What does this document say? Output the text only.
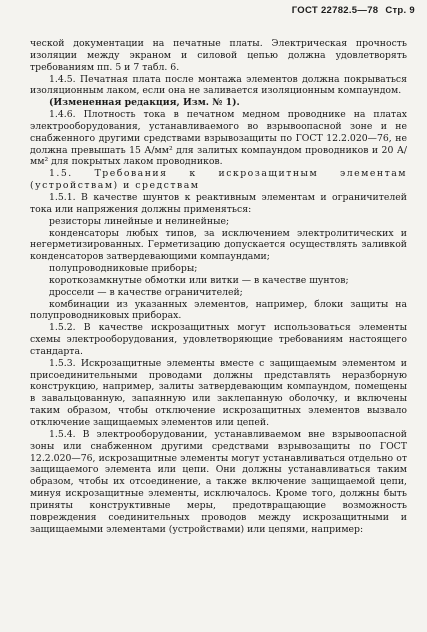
ГОСТ 22782.5—78 Стр. 9

ческой документации на печатные платы. Электрическая прочность изоляции между экраном и силовой цепью должна удовлетворять требованиям пп. 5 и 7 табл. 6.

1.4.5. Печатная плата после монтажа элементов должна покрываться изоляционным лаком, если она не заливается изоляционным компаундом.

(Измененная редакция, Изм. № 1).

1.4.6. Плотность тока в печатном медном проводнике на платах электрооборудования, устанавливаемого во взрывоопасной зоне и не снабженного другими средствами взрывозащиты по ГОСТ 12.2.020—76, не должна превышать 15 А/мм² для залитых компаундом проводников и 20 А/мм² для покрытых лаком проводников.

1.5. Требования к искрозащитным элементам (устройствам) и средствам

1.5.1. В качестве шунтов к реактивным элементам и ограничителей тока или напряжения должны применяться:

резисторы линейные и нелинейные;

конденсаторы любых типов, за исключением электролитических и негерметизированных. Герметизацию допускается осуществлять заливкой конденсаторов затвердевающими компаундами;

полупроводниковые приборы;

короткозамкнутые обмотки или витки — в качестве шунтов;

дроссели — в качестве ограничителей;

комбинации из указанных элементов, например, блоки защиты на полупроводниковых приборах.

1.5.2. В качестве искрозащитных могут использоваться элементы схемы электрооборудования, удовлетворяющие требованиям настоящего стандарта.

1.5.3. Искрозащитные элементы вместе с защищаемым элементом и присоединительными проводами должны представлять неразборную конструкцию, например, залиты затвердевающим компаундом, помещены в завальцованную, запаянную или заклепанную оболочку, и включены таким образом, чтобы отключение искрозащитных элементов вызвало отключение защищаемых элементов или цепей.

1.5.4. В электрооборудовании, устанавливаемом вне взрывоопасной зоны или снабженном другими средствами взрывозащиты по ГОСТ 12.2.020—76, искрозащитные элементы могут устанавливаться отдельно от защищаемого элемента или цепи. Они должны устанавливаться таким образом, чтобы их отсоединение, а также включение защищаемой цепи, минуя искрозащитные элементы, исключалось. Кроме того, должны быть приняты конструктивные меры, предотвращающие возможность повреждения соединительных проводов между искрозащитными и защищаемыми элементами (устройствами) или цепями, например:
